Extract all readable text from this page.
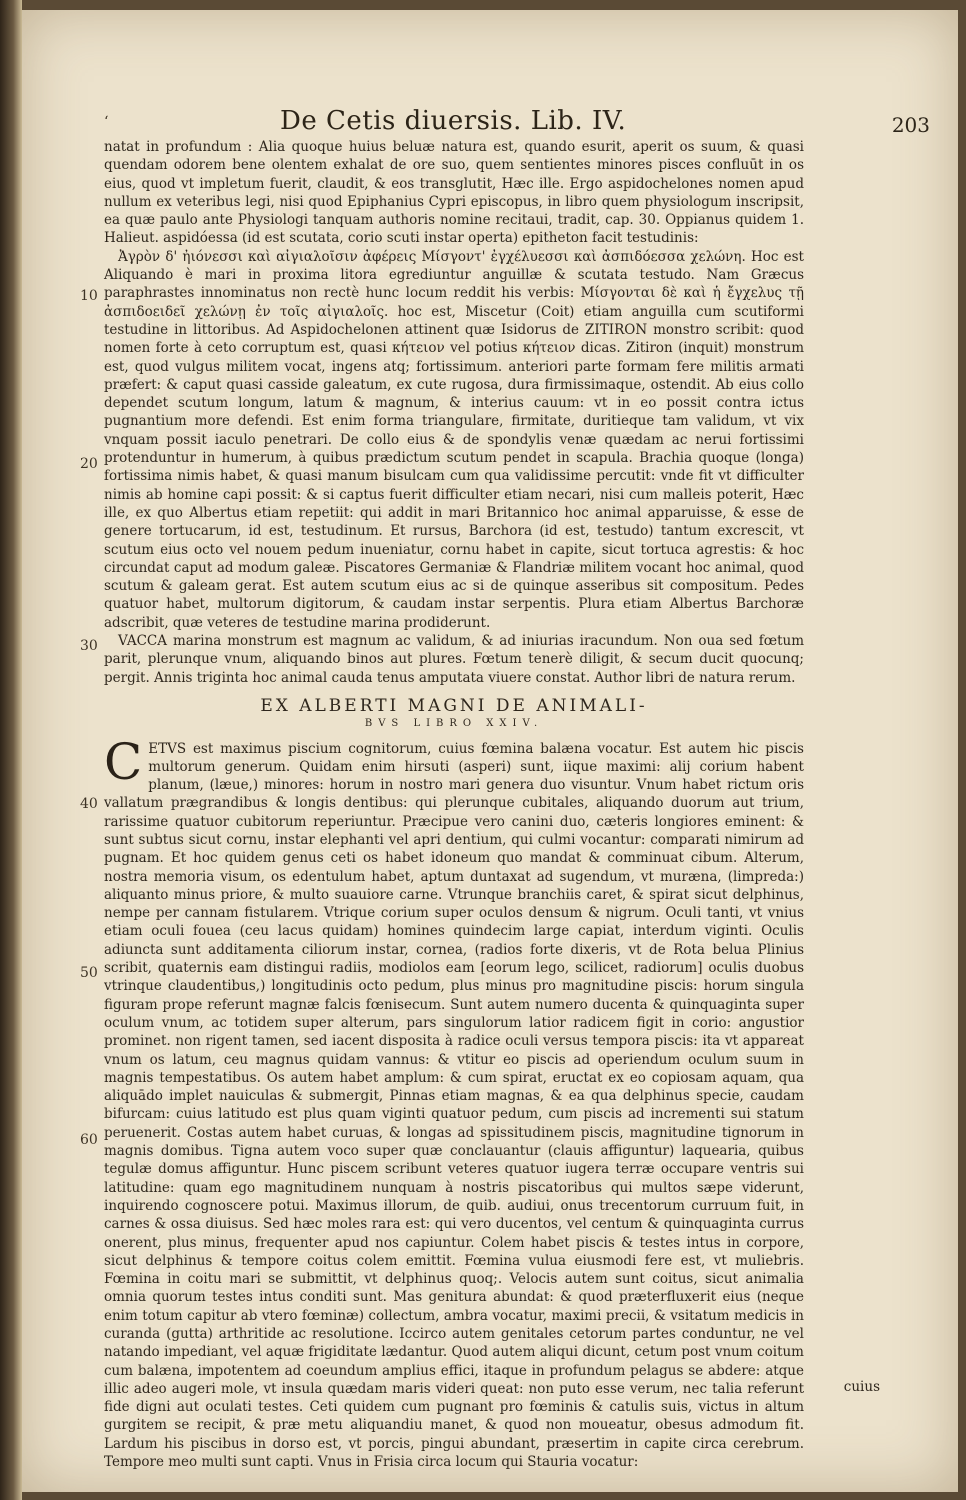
‘	De Cetis diuersis. Lib. IV.	203
10
20
30
40
50
60

natat in profundum : Alia quoque huius beluæ natura est, quando esurit, aperit os suum, & quasi quendam odorem bene olentem exhalat de ore suo, quem sentientes minores pisces confluūt in os eius, quod vt impletum fuerit, claudit, & eos transglutit, Hæc ille. Ergo aspidochelones nomen apud nullum ex veteribus legi, nisi quod Epiphanius Cypri episcopus, in libro quem physiologum inscripsit, ea quæ paulo ante Physiologi tanquam authoris nomine recitaui, tradit, cap. 30. Oppianus quidem 1. Halieut. aspidóessa (id est scutata, corio scuti instar operta) epitheton facit testudinis:

Ἀγρὸν δ' ἠιόνεσσι καὶ αἰγιαλοῖσιν ἀφέρεις Μίσγοντ' ἐγχέλυεσσι καὶ ἀσπιδόεσσα χελώνη. Hoc est Aliquando è mari in proxima litora egrediuntur anguillæ & scutata testudo. Nam Græcus paraphrastes innominatus non rectè hunc locum reddit his verbis: Μίσγονται δὲ καὶ ἡ ἔγχελυς τῇ ἀσπιδοειδεῖ χελώνῃ ἐν τοῖς αἰγιαλοῖς. hoc est, Miscetur (Coit) etiam anguilla cum scutiformi testudine in littoribus. Ad Aspidochelonen attinent quæ Isidorus de ZITIRON monstro scribit: quod nomen forte à ceto corruptum est, quasi κήτειον vel potius κήτειον dicas. Zitiron (inquit) monstrum est, quod vulgus militem vocat, ingens atq; fortissimum. anteriori parte formam fere militis armati præfert: & caput quasi casside galeatum, ex cute rugosa, dura firmissimaque, ostendit. Ab eius collo dependet scutum longum, latum & magnum, & interius cauum: vt in eo possit contra ictus pugnantium more defendi. Est enim forma triangulare, firmitate, duritieque tam validum, vt vix vnquam possit iaculo penetrari. De collo eius & de spondylis venæ quædam ac nerui fortissimi protenduntur in humerum, à quibus prædictum scutum pendet in scapula. Brachia quoque (longa) fortissima nimis habet, & quasi manum bisulcam cum qua validissime percutit: vnde fit vt difficulter nimis ab homine capi possit: & si captus fuerit difficulter etiam necari, nisi cum malleis poterit, Hæc ille, ex quo Albertus etiam repetiit: qui addit in mari Britannico hoc animal apparuisse, & esse de genere tortucarum, id est, testudinum. Et rursus, Barchora (id est, testudo) tantum excrescit, vt scutum eius octo vel nouem pedum inueniatur, cornu habet in capite, sicut tortuca agrestis: & hoc circundat caput ad modum galeæ. Piscatores Germaniæ & Flandriæ militem vocant hoc animal, quod scutum & galeam gerat. Est autem scutum eius ac si de quinque asseribus sit compositum. Pedes quatuor habet, multorum digitorum, & caudam instar serpentis. Plura etiam Albertus Barchoræ adscribit, quæ veteres de testudine marina prodiderunt.

VACCA marina monstrum est magnum ac validum, & ad iniurias iracundum. Non oua sed fœtum parit, plerunque vnum, aliquando binos aut plures. Fœtum tenerè diligit, & secum ducit quocunq; pergit. Annis triginta hoc animal cauda tenus amputata viuere constat. Author libri de natura rerum.

EX ALBERTI MAGNI DE ANIMALI-
BVS LIBRO XXIV.

C ETVS est maximus piscium cognitorum, cuius fœmina balæna vocatur. Est autem hic piscis multorum generum. Quidam enim hirsuti (asperi) sunt, iique maximi: alij corium habent planum, (læue,) minores: horum in nostro mari genera duo visuntur. Vnum habet rictum oris vallatum prægrandibus & longis dentibus: qui plerunque cubitales, aliquando duorum aut trium, rarissime quatuor cubitorum reperiuntur. Præcipue vero canini duo, cæteris longiores eminent: & sunt subtus sicut cornu, instar elephanti vel apri dentium, qui culmi vocantur: comparati nimirum ad pugnam. Et hoc quidem genus ceti os habet idoneum quo mandat & comminuat cibum. Alterum, nostra memoria visum, os edentulum habet, aptum duntaxat ad sugendum, vt muræna, (limpreda:) aliquanto minus priore, & multo suauiore carne. Vtrunque branchiis caret, & spirat sicut delphinus, nempe per cannam fistularem. Vtrique corium super oculos densum & nigrum. Oculi tanti, vt vnius etiam oculi fouea (ceu lacus quidam) homines quindecim large capiat, interdum viginti. Oculis adiuncta sunt additamenta ciliorum instar, cornea, (radios forte dixeris, vt de Rota belua Plinius scribit, quaternis eam distingui radiis, modiolos eam [eorum lego, scilicet, radiorum] oculis duobus vtrinque claudentibus,) longitudinis octo pedum, plus minus pro magnitudine piscis: horum singula figuram prope referunt magnæ falcis fœnisecum. Sunt autem numero ducenta & quinquaginta super oculum vnum, ac totidem super alterum, pars singulorum latior radicem figit in corio: angustior prominet. non rigent tamen, sed iacent disposita à radice oculi versus tempora piscis: ita vt appareat vnum os latum, ceu magnus quidam vannus: & vtitur eo piscis ad operiendum oculum suum in magnis tempestatibus. Os autem habet amplum: & cum spirat, eructat ex eo copiosam aquam, qua aliquādo implet nauiculas & submergit, Pinnas etiam magnas, & ea qua delphinus specie, caudam bifurcam: cuius latitudo est plus quam viginti quatuor pedum, cum piscis ad incrementi sui statum peruenerit. Costas autem habet curuas, & longas ad spissitudinem piscis, magnitudine tignorum in magnis domibus. Tigna autem voco super quæ conclauantur (clauis affiguntur) laquearia, quibus tegulæ domus affiguntur. Hunc piscem scribunt veteres quatuor iugera terræ occupare ventris sui latitudine: quam ego magnitudinem nunquam à nostris piscatoribus qui multos sæpe viderunt, inquirendo cognoscere potui. Maximus illorum, de quib. audiui, onus trecentorum curruum fuit, in carnes & ossa diuisus. Sed hæc moles rara est: qui vero ducentos, vel centum & quinquaginta currus onerent, plus minus, frequenter apud nos capiuntur. Colem habet piscis & testes intus in corpore, sicut delphinus & tempore coitus colem emittit. Fœmina vulua eiusmodi fere est, vt muliebris. Fœmina in coitu mari se submittit, vt delphinus quoq;. Velocis autem sunt coitus, sicut animalia omnia quorum testes intus conditi sunt. Mas genitura abundat: & quod præterfluxerit eius (neque enim totum capitur ab vtero fœminæ) collectum, ambra vocatur, maximi precii, & vsitatum medicis in curanda (gutta) arthritide ac resolutione. Iccirco autem genitales cetorum partes conduntur, ne vel natando impediant, vel aquæ frigiditate lædantur. Quod autem aliqui dicunt, cetum post vnum coitum cum balæna, impotentem ad coeundum amplius effici, itaque in profundum pelagus se abdere: atque illic adeo augeri mole, vt insula quædam maris videri queat: non puto esse verum, nec talia referunt fide digni aut oculati testes. Ceti quidem cum pugnant pro fœminis & catulis suis, victus in altum gurgitem se recipit, & præ metu aliquandiu manet, & quod non moueatur, obesus admodum fit. Lardum his piscibus in dorso est, vt porcis, pingui abundant, præsertim in capite circa cerebrum. Tempore meo multi sunt capti. Vnus in Frisia circa locum qui Stauria vocatur:

cuius
